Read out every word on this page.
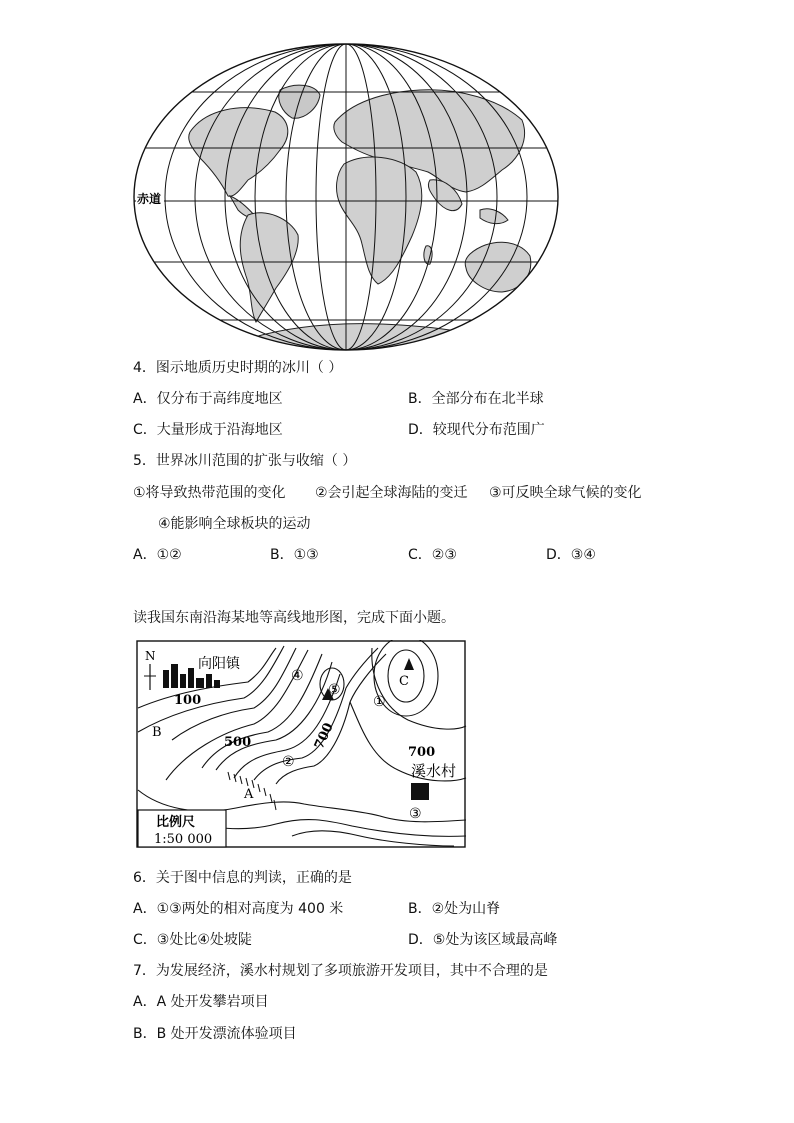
赤道
4．图示地质历史时期的冰川（ ）
A．仅分布于高纬度地区	B．全部分布在北半球
C．大量形成于沿海地区	D．较现代分布范围广
5．世界冰川范围的扩张与收缩（ ）
①将导致热带范围的变化 ②会引起全球海陆的变迁 ③可反映全球气候的变化
④能影响全球板块的运动
A．①②	B．①③	C．②③	D．③④
读我国东南沿海某地等高线地形图，完成下面小题。
N	向阳镇
溪水村
100
500	700
700
A
B
C
④
⑤
①
②
③
比例尺
1:50 000
6．关于图中信息的判读，正确的是
A．①③两处的相对高度为 400 米	B．②处为山脊
C．③处比④处坡陡	D．⑤处为该区域最高峰
7．为发展经济，溪水村规划了多项旅游开发项目，其中不合理的是
A．A 处开发攀岩项目
B．B 处开发漂流体验项目
